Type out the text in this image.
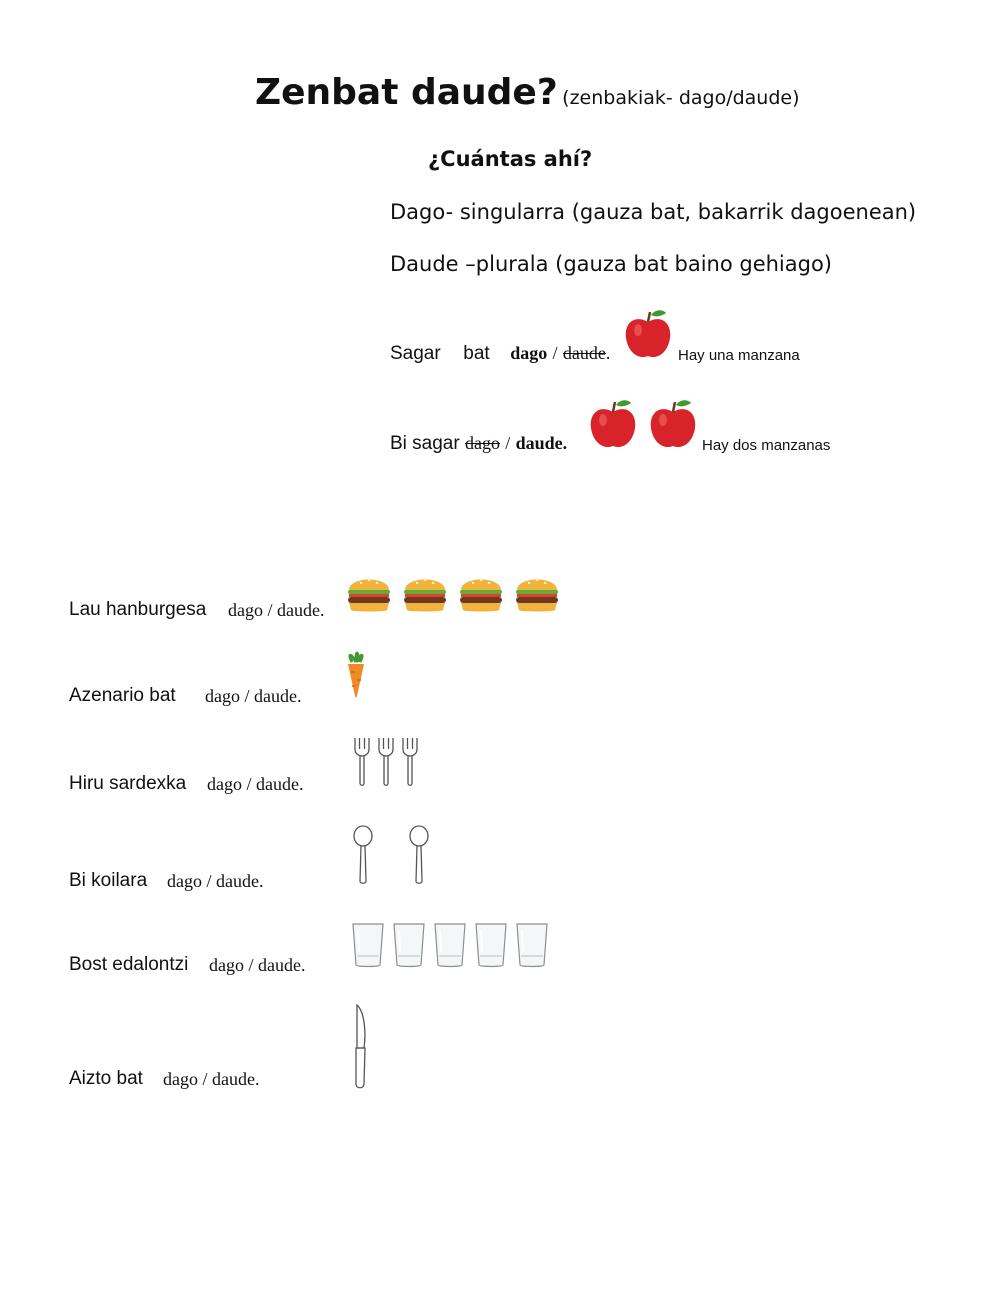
Zenbat daude? (zenbakiak- dago/daude)
¿Cuántas ahí?
Dago- singularra (gauza bat, bakarrik dagoenean)
Daude –plurala (gauza bat baino gehiago)
Sagar bat dago / daude.	Hay una manzana
Bi sagar dago / daude.	Hay dos manzanas
Lau hanburgesa dago / daude.
Azenario bat dago / daude.
Hiru sardexka dago / daude.
Bi koilara dago / daude.
Bost edalontzi dago / daude.
Aizto bat dago / daude.
